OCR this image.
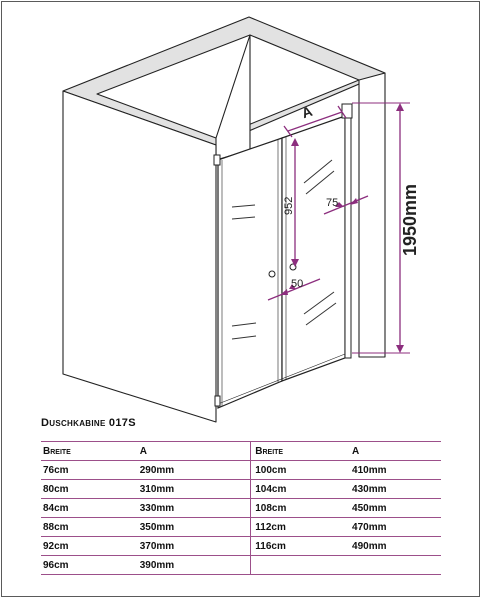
A
1950mm
952	75
50
Duschkabine 017S
Breite	A	Breite	A
76cm	290mm	100cm	410mm
80cm	310mm	104cm	430mm
84cm	330mm	108cm	450mm
88cm	350mm	112cm	470mm
92cm	370mm	116cm	490mm
96cm	390mm		
